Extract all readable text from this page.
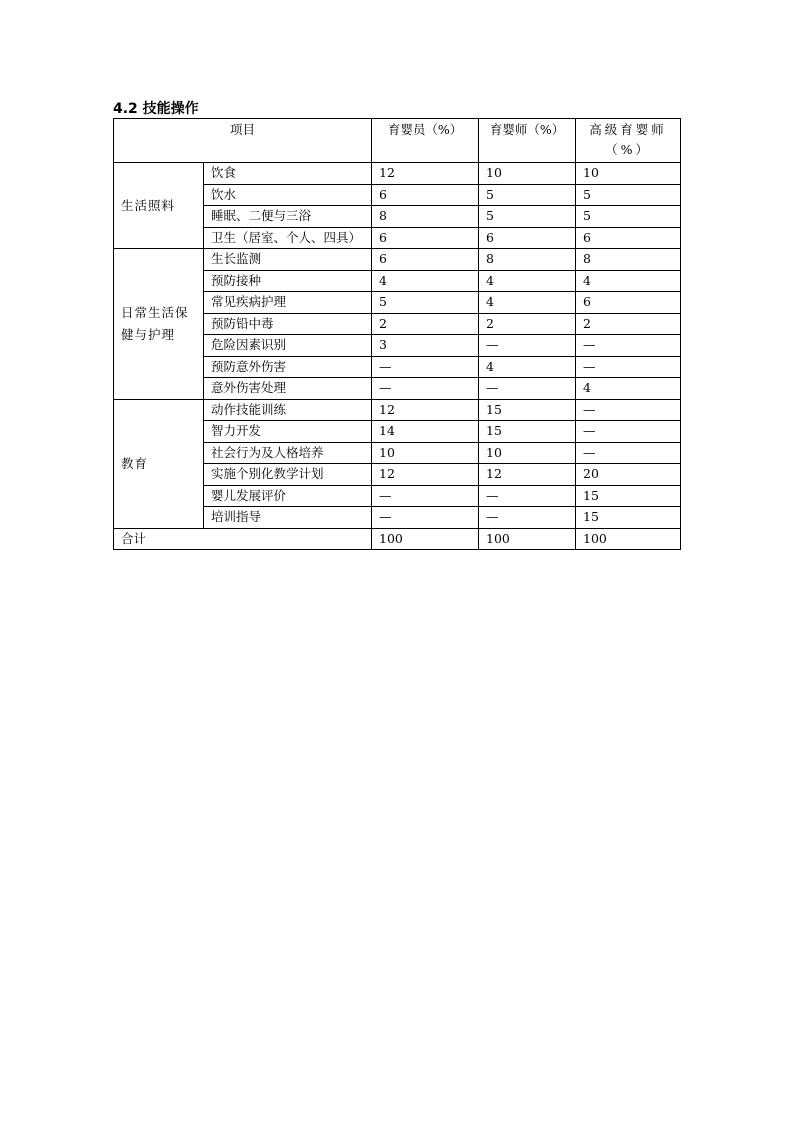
4.2 技能操作
项目		育婴员（%）	育婴师（%）	高级育婴师（%）
生活照料	饮食	12	10	10
	饮水	6	5	5
	睡眠、二便与三浴	8	5	5
	卫生（居室、个人、四具）	6	6	6
日常生活保健与护理	生长监测	6	8	8
	预防接种	4	4	4
	常见疾病护理	5	4	6
	预防铅中毒	2	2	2
	危险因素识别	3	—	—
	预防意外伤害	—	4	—
	意外伤害处理	—	—	4
教育	动作技能训练	12	15	—
	智力开发	14	15	—
	社会行为及人格培养	10	10	—
	实施个别化教学计划	12	12	20
	婴儿发展评价	—	—	15
	培训指导	—	—	15
合计		100	100	100
